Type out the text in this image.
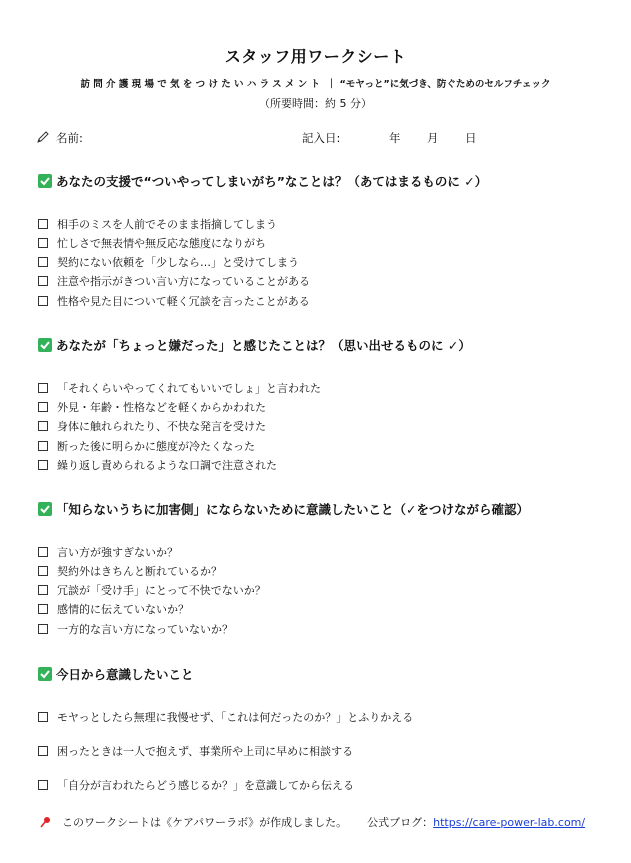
スタッフ用ワークシート
訪問介護現場で気をつけたいハラスメント ｜ “モヤっと”に気づき、防ぐためのセルフチェック
（所要時間：約 5 分）
名前:	記入日:	年 月 日
あなたの支援で“ついやってしまいがち”なことは？（あてはまるものに ✓）
相手のミスを人前でそのまま指摘してしまう
忙しさで無表情や無反応な態度になりがち
契約にない依頼を「少しなら…」と受けてしまう
注意や指示がきつい言い方になっていることがある
性格や見た目について軽く冗談を言ったことがある
あなたが「ちょっと嫌だった」と感じたことは？（思い出せるものに ✓）
「それくらいやってくれてもいいでしょ」と言われた
外見・年齢・性格などを軽くからかわれた
身体に触れられたり、不快な発言を受けた
断った後に明らかに態度が冷たくなった
繰り返し責められるような口調で注意された
「知らないうちに加害側」にならないために意識したいこと（✓をつけながら確認）
言い方が強すぎないか？
契約外はきちんと断れているか？
冗談が「受け手」にとって不快でないか？
感情的に伝えていないか？
一方的な言い方になっていないか？
今日から意識したいこと
モヤっとしたら無理に我慢せず、「これは何だったのか？」とふりかえる
困ったときは一人で抱えず、事業所や上司に早めに相談する
「自分が言われたらどう感じるか？」を意識してから伝える
このワークシートは《ケアパワーラボ》が作成しました。 公式ブログ： https://care-power-lab.com/
